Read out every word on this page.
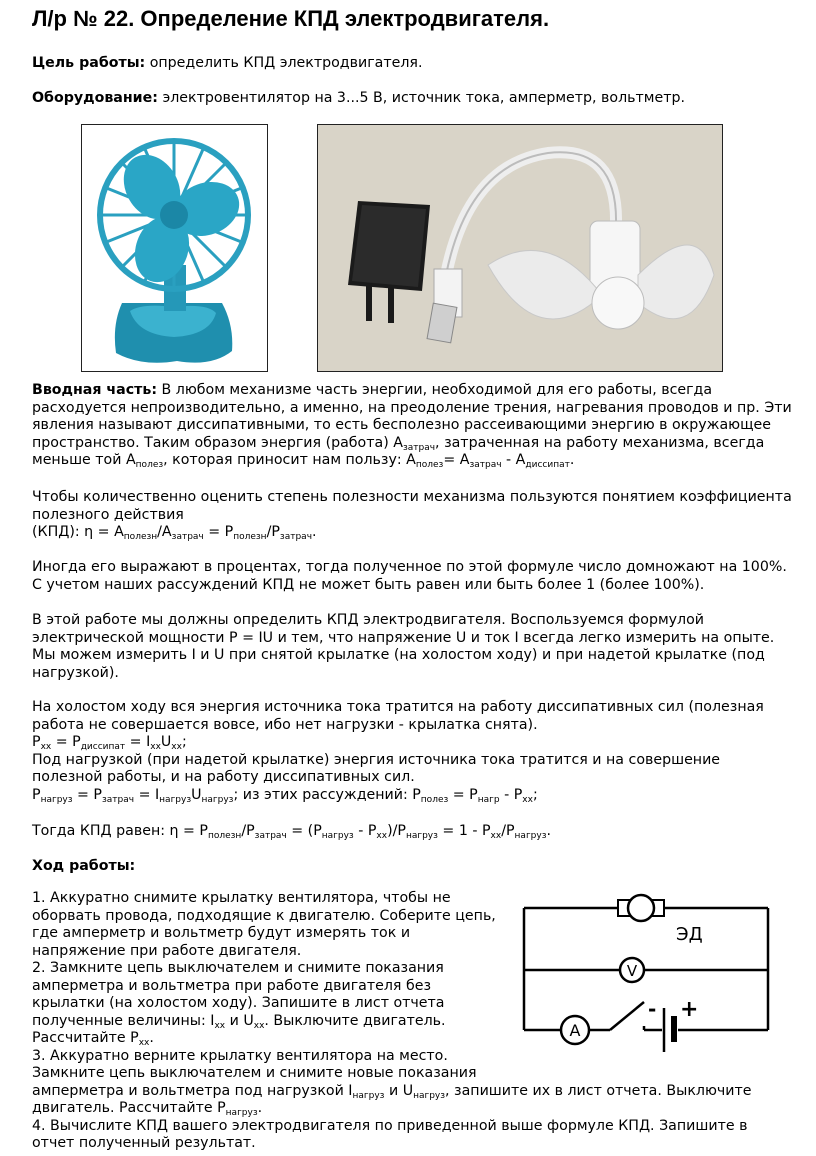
Л/р № 22. Определение КПД электродвигателя.
Цель работы: определить КПД электродвигателя.
Оборудование: электровентилятор на 3...5 В, источник тока, амперметр, вольтметр.

Вводная часть: В любом механизме часть энергии, необходимой для его работы, всегда расходуется непроизводительно, а именно, на преодоление трения, нагревания проводов и пр. Эти явления называют диссипативными, то есть бесполезно рассеивающими энергию в окружающее пространство. Таким образом энергия (работа) $A_{затрач}$, затраченная на работу механизма, всегда меньше той $A_{полез}$, которая приносит нам пользу: $A_{полез}= A_{затрач} - A_{диссипат}$.

Чтобы количественно оценить степень полезности механизма пользуются понятием коэффициента полезного действия

(КПД): $\eta = A_{полезн}/A_{затрач} = P_{полезн}/P_{затрач}$.

Иногда его выражают в процентах, тогда полученное по этой формуле число домножают на 100%. С учетом наших рассуждений КПД не может быть равен или быть более 1 (более 100%).

В этой работе мы должны определить КПД электродвигателя. Воспользуемся формулой электрической мощности P = IU и тем, что напряжение U и ток I всегда легко измерить на опыте. Мы можем измерить I и U при снятой крылатке (на холостом ходу) и при надетой крылатке (под нагрузкой).

На холостом ходу вся энергия источника тока тратится на работу диссипативных сил (полезная работа не совершается вовсе, ибо нет нагрузки - крылатка снята).

$P_{хх} = P_{диссипат} = I_{хх}U_{хх}$;

Под нагрузкой (при надетой крылатке) энергия источника тока тратится и на совершение полезной работы, и на работу диссипативных сил.

$P_{нагруз} = P_{затрач} = I_{нагруз}U_{нагруз}$; из этих рассуждений: $P_{полез} = P_{нагр} - P_{хх}$;

Тогда КПД равен: $\eta = P_{полезн}/P_{затрач} = (P_{нагруз} - P_{хх})/P_{нагруз} = 1 - P_{хх}/P_{нагруз}$.

Ход работы:

1. Аккуратно снимите крылатку вентилятора, чтобы не оборвать провода, подходящие к двигателю. Соберите цепь, где амперметр и вольтметр будут измерять ток и напряжение при работе двигателя.

2. Замкните цепь выключателем и снимите показания амперметра и вольтметра при работе двигателя без крылатки (на холостом ходу). Запишите в лист отчета полученные величины: $I_{хх}$ и $U_{хх}$. Выключите двигатель. Рассчитайте $P_{хх}$.

3. Аккуратно верните крылатку вентилятора на место. Замкните цепь выключателем и снимите новые показания

амперметра и вольтметра под нагрузкой $I_{нагруз}$ и $U_{нагруз}$, запишите их в лист отчета. Выключите двигатель. Рассчитайте $P_{нагруз}$.

4. Вычислите КПД вашего электродвигателя по приведенной выше формуле КПД. Запишите в отчет полученный результат.

ЭД
V
A
- +
